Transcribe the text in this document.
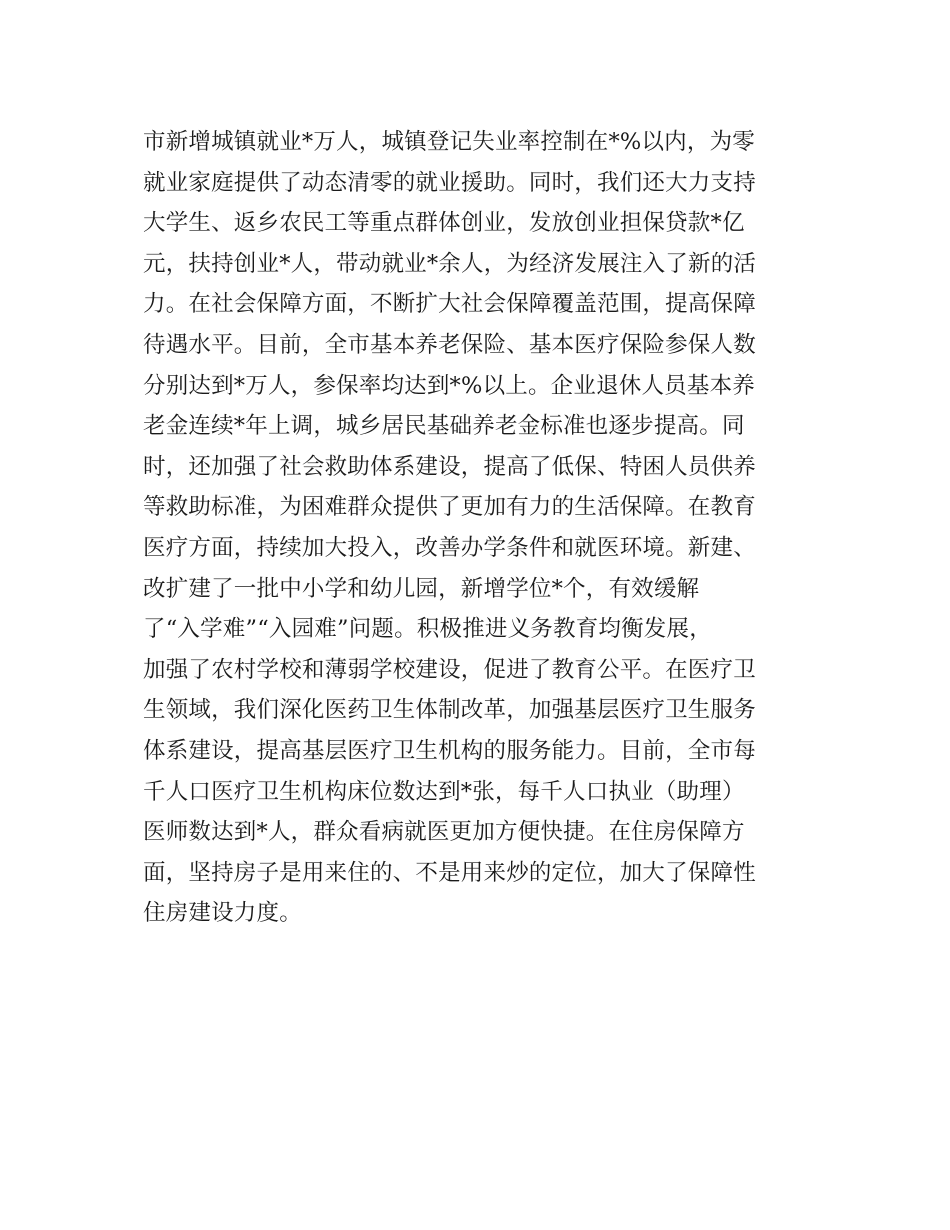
市新增城镇就业*万人，城镇登记失业率控制在*%以内，为零
就业家庭提供了动态清零的就业援助。同时，我们还大力支持
大学生、返乡农民工等重点群体创业，发放创业担保贷款*亿
元，扶持创业*人，带动就业*余人，为经济发展注入了新的活
力。在社会保障方面，不断扩大社会保障覆盖范围，提高保障
待遇水平。目前，全市基本养老保险、基本医疗保险参保人数
分别达到*万人，参保率均达到*%以上。企业退休人员基本养
老金连续*年上调，城乡居民基础养老金标准也逐步提高。同
时，还加强了社会救助体系建设，提高了低保、特困人员供养
等救助标准，为困难群众提供了更加有力的生活保障。在教育
医疗方面，持续加大投入，改善办学条件和就医环境。新建、
改扩建了一批中小学和幼儿园，新增学位*个，有效缓解
了“入学难”“入园难”问题。积极推进义务教育均衡发展，
加强了农村学校和薄弱学校建设，促进了教育公平。在医疗卫
生领域，我们深化医药卫生体制改革，加强基层医疗卫生服务
体系建设，提高基层医疗卫生机构的服务能力。目前，全市每
千人口医疗卫生机构床位数达到*张，每千人口执业（助理）
医师数达到*人，群众看病就医更加方便快捷。在住房保障方
面，坚持房子是用来住的、不是用来炒的定位，加大了保障性
住房建设力度。
